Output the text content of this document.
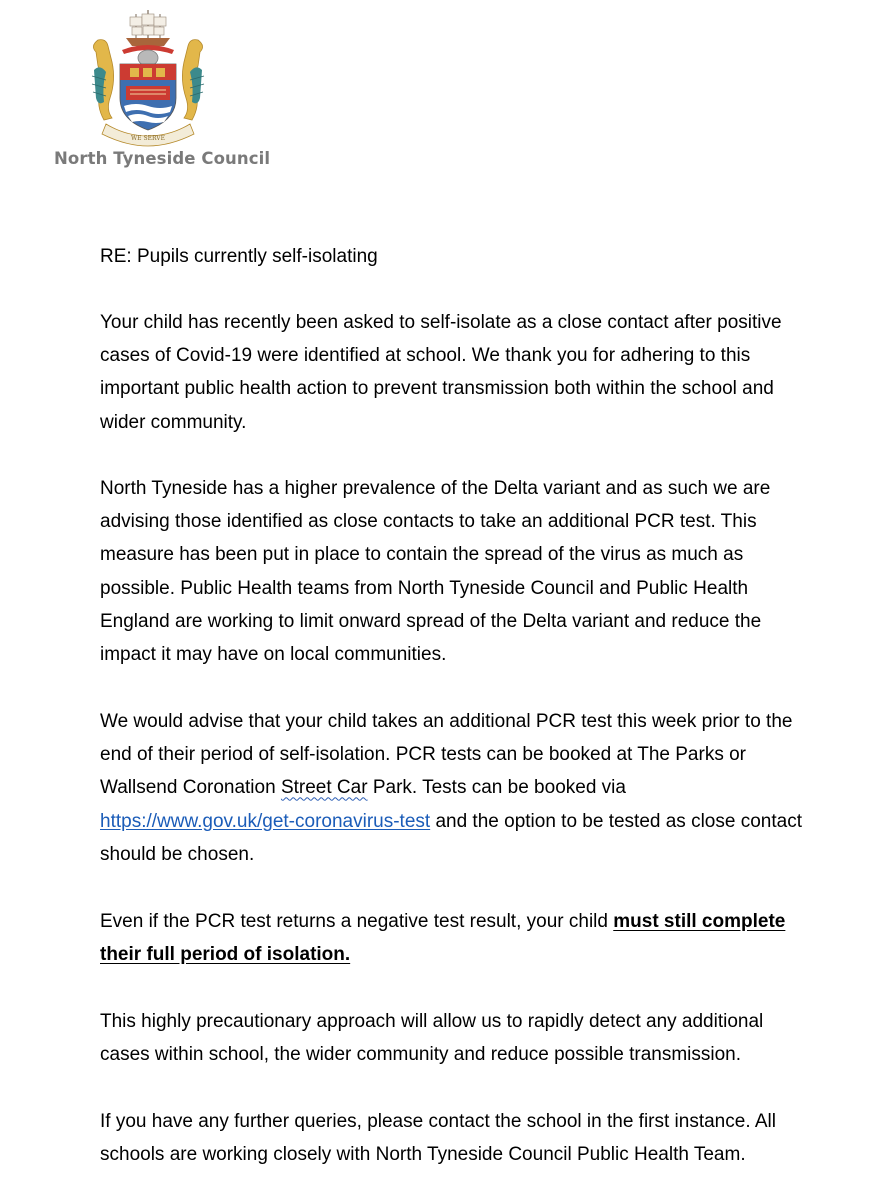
WE SERVE
North Tyneside Council
RE: Pupils currently self-isolating
Your child has recently been asked to self-isolate as a close contact after positive
cases of Covid-19 were identified at school. We thank you for adhering to this
important public health action to prevent transmission both within the school and
wider community.
North Tyneside has a higher prevalence of the Delta variant and as such we are
advising those identified as close contacts to take an additional PCR test. This
measure has been put in place to contain the spread of the virus as much as
possible. Public Health teams from North Tyneside Council and Public Health
England are working to limit onward spread of the Delta variant and reduce the
impact it may have on local communities.
We would advise that your child takes an additional PCR test this week prior to the
end of their period of self-isolation. PCR tests can be booked at The Parks or
Wallsend Coronation Street Car Park. Tests can be booked via
https://www.gov.uk/get-coronavirus-test and the option to be tested as close contact
should be chosen.
Even if the PCR test returns a negative test result, your child must still complete
their full period of isolation.
This highly precautionary approach will allow us to rapidly detect any additional
cases within school, the wider community and reduce possible transmission.
If you have any further queries, please contact the school in the first instance. All
schools are working closely with North Tyneside Council Public Health Team.
